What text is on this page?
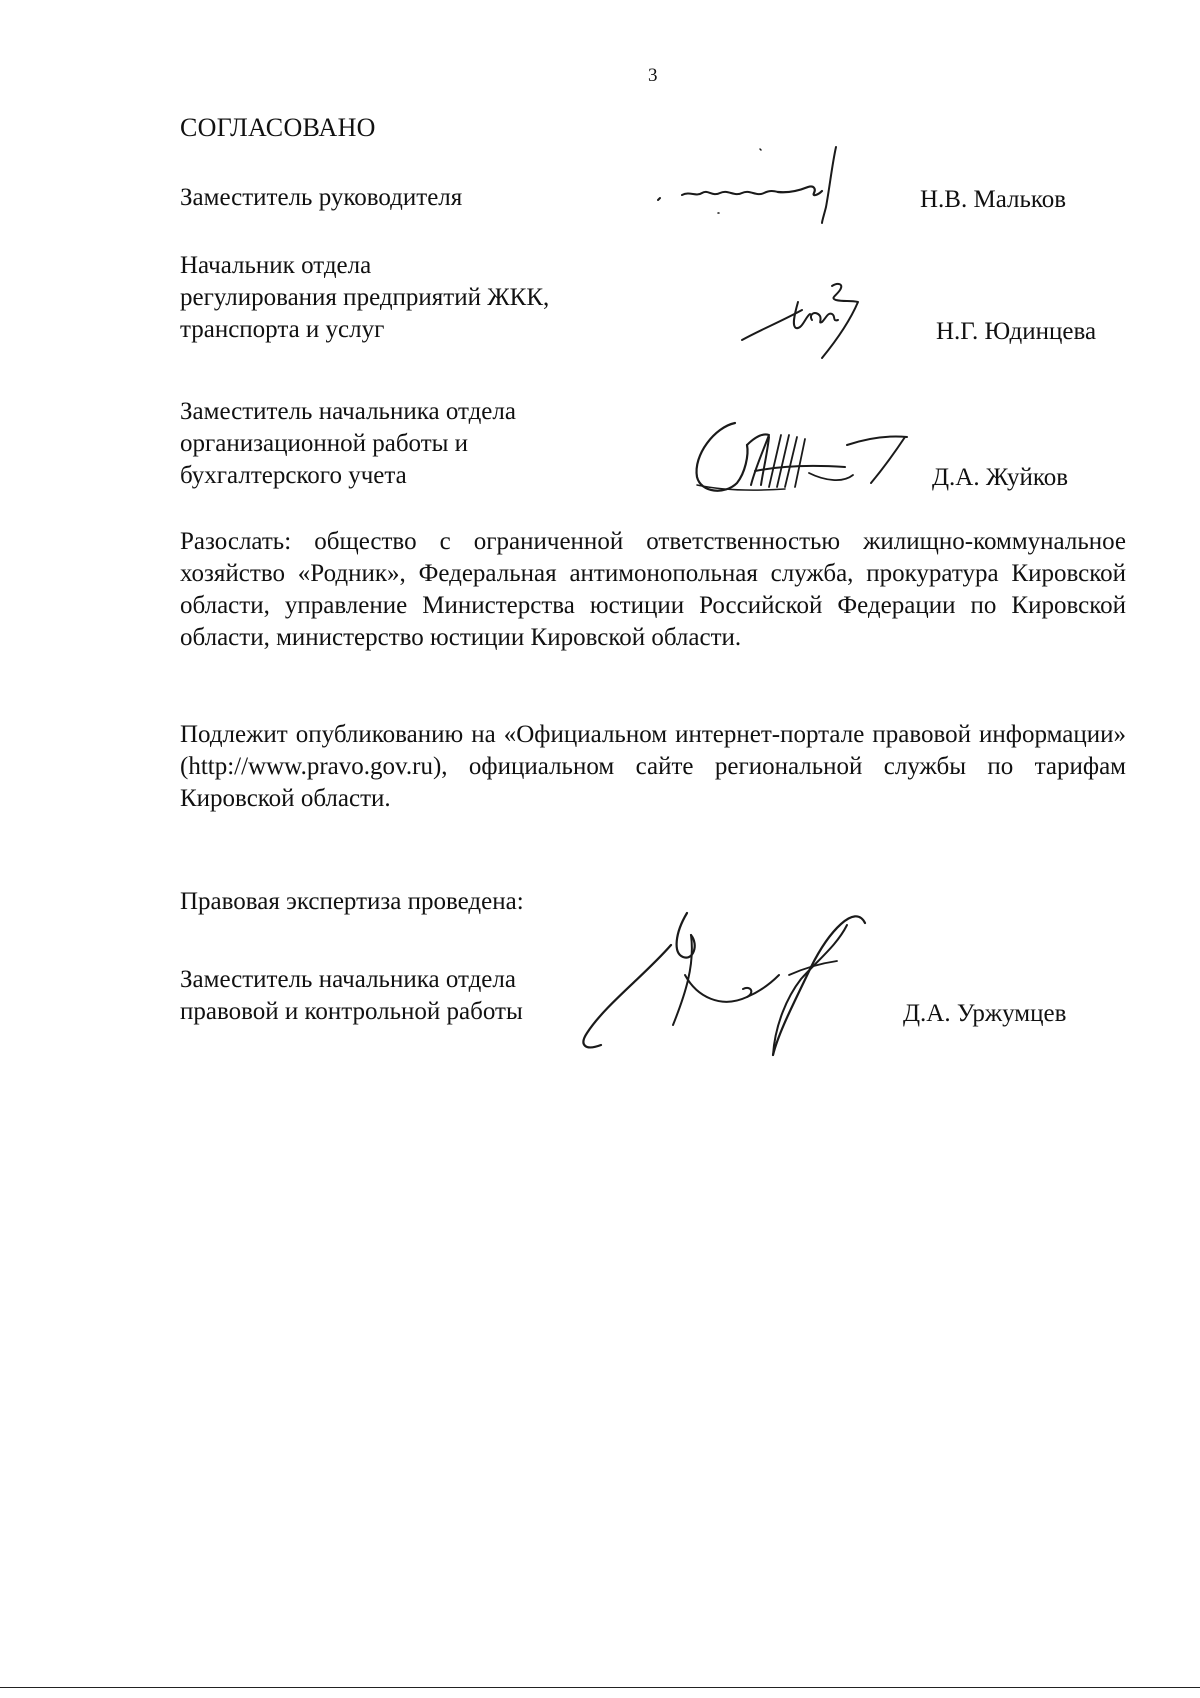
3
СОГЛАСОВАНО
Заместитель руководителя	Н.В. Мальков
Начальник отдела
регулирования предприятий ЖКК,
транспорта и услуг	Н.Г. Юдинцева
Заместитель начальника отдела
организационной работы и
бухгалтерского учета	Д.А. Жуйков

Разослать: общество с ограниченной ответственностью жилищно-коммунальное хозяйство «Родник», Федеральная антимонопольная служба, прокуратура Кировской области, управление Министерства юстиции Российской Федерации по Кировской области, министерство юстиции Кировской области.

Подлежит опубликованию на «Официальном интернет-портале правовой информации» (http://www.pravo.gov.ru), официальном сайте региональной службы по тарифам Кировской области.

Правовая экспертиза проведена:
Заместитель начальника отдела
правовой и контрольной работы	Д.А. Уржумцев
